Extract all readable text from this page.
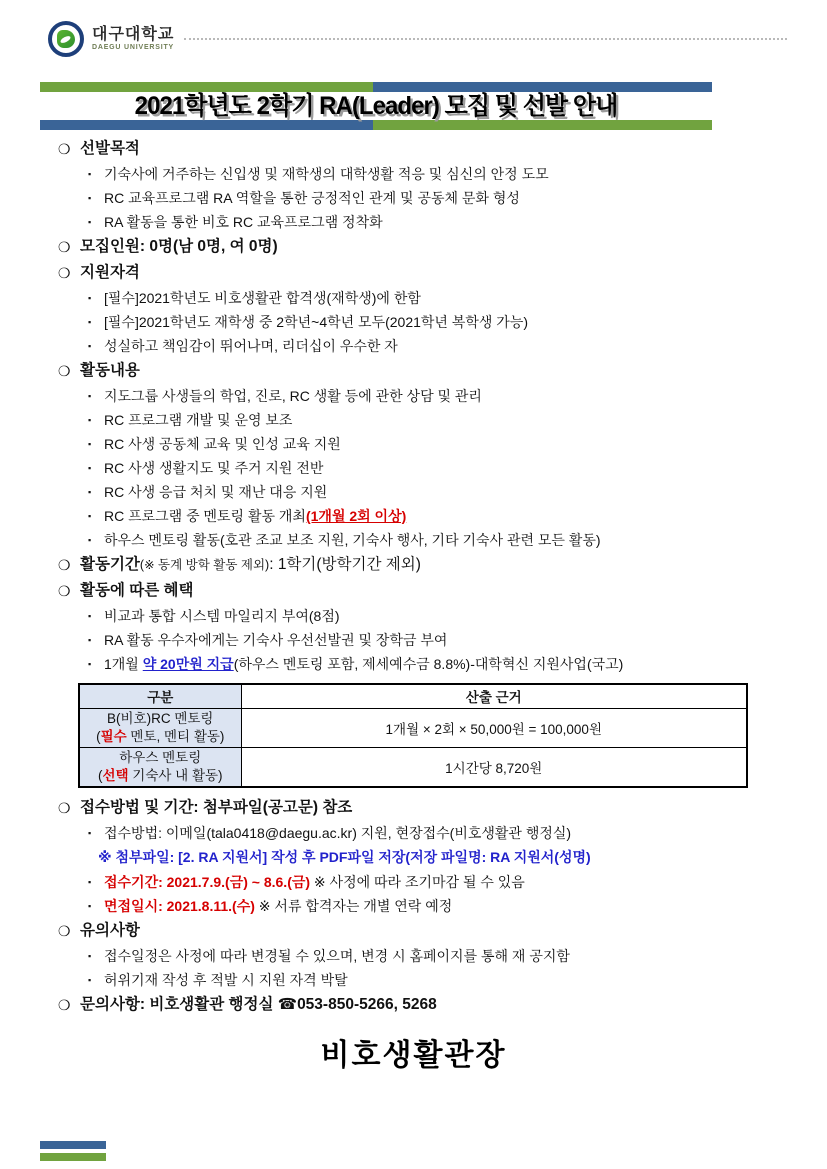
대구대학교
DAEGU UNIVERSITY
2021학년도 2학기 RA(Leader) 모집 및 선발 안내
❍ 선발목적
▪ 기숙사에 거주하는 신입생 및 재학생의 대학생활 적응 및 심신의 안정 도모
▪ RC 교육프로그램 RA 역할을 통한 긍정적인 관계 및 공동체 문화 형성
▪ RA 활동을 통한 비호 RC 교육프로그램 정착화
❍ 모집인원: 0명(남 0명, 여 0명)
❍ 지원자격
▪ [필수]2021학년도 비호생활관 합격생(재학생)에 한함
▪ [필수]2021학년도 재학생 중 2학년~4학년 모두(2021학년 복학생 가능)
▪ 성실하고 책임감이 뛰어나며, 리더십이 우수한 자
❍ 활동내용
▪ 지도그룹 사생들의 학업, 진로, RC 생활 등에 관한 상담 및 관리
▪ RC 프로그램 개발 및 운영 보조
▪ RC 사생 공동체 교육 및 인성 교육 지원
▪ RC 사생 생활지도 및 주거 지원 전반
▪ RC 사생 응급 처치 및 재난 대응 지원
▪ RC 프로그램 중 멘토링 활동 개최(1개월 2회 이상)
▪ 하우스 멘토링 활동(호관 조교 보조 지원, 기숙사 행사, 기타 기숙사 관련 모든 활동)
❍ 활동기간(※ 동계 방학 활동 제외): 1학기(방학기간 제외)
❍ 활동에 따른 혜택
▪ 비교과 통합 시스템 마일리지 부여(8점)
▪ RA 활동 우수자에게는 기숙사 우선선발권 및 장학금 부여
▪ 1개월 약 20만원 지급(하우스 멘토링 포함, 제세예수금 8.8%)-대학혁신 지원사업(국고)
구분	산출 근거

B(비호)RC 멘토링
(필수 멘토, 멘티 활동)	1개월 × 2회 × 50,000원 = 100,000원

하우스 멘토링
(선택 기숙사 내 활동)	1시간당 8,720원
❍ 접수방법 및 기간: 첨부파일(공고문) 참조
▪ 접수방법: 이메일(tala0418@daegu.ac.kr) 지원, 현장접수(비호생활관 행정실)
※ 첨부파일: [2. RA 지원서] 작성 후 PDF파일 저장(저장 파일명: RA 지원서(성명)
▪ 접수기간: 2021.7.9.(금) ~ 8.6.(금) ※ 사정에 따라 조기마감 될 수 있음
▪ 면접일시: 2021.8.11.(수) ※ 서류 합격자는 개별 연락 예정
❍ 유의사항
▪ 접수일정은 사정에 따라 변경될 수 있으며, 변경 시 홈페이지를 통해 재 공지함
▪ 허위기재 작성 후 적발 시 지원 자격 박탈
❍ 문의사항: 비호생활관 행정실 ☎053-850-5266, 5268
비호생활관장
